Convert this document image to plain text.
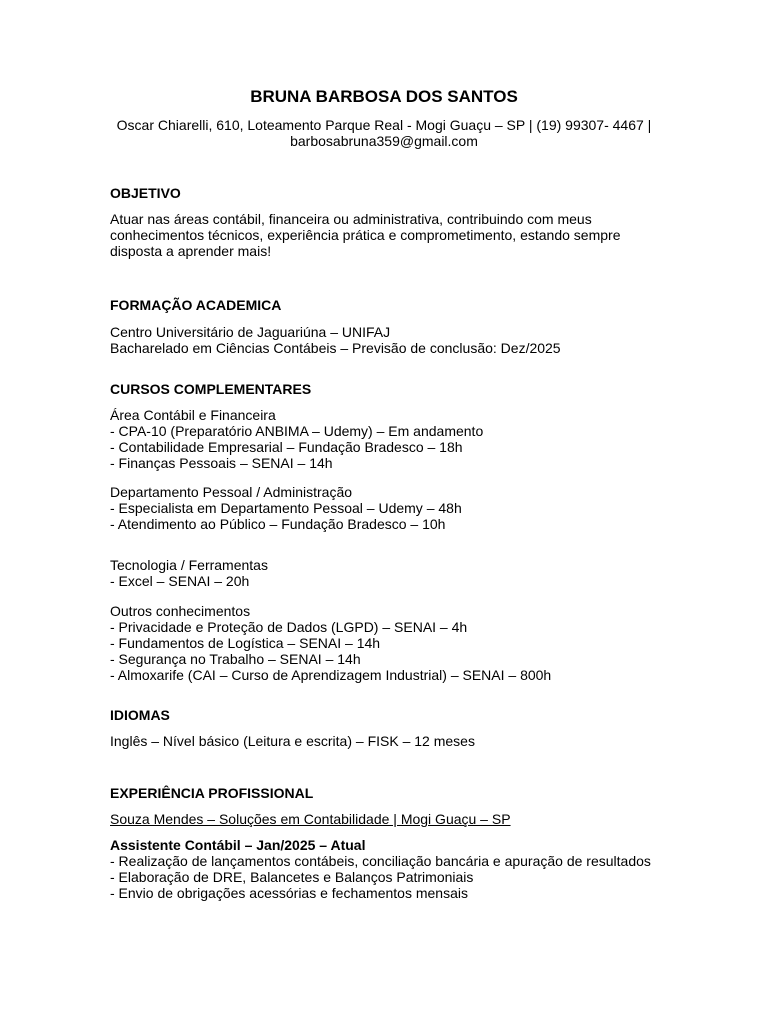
BRUNA BARBOSA DOS SANTOS
Oscar Chiarelli, 610, Loteamento Parque Real - Mogi Guaçu – SP | (19) 99307- 4467 |
barbosabruna359@gmail.com
OBJETIVO
Atuar nas áreas contábil, financeira ou administrativa, contribuindo com meus
conhecimentos técnicos, experiência prática e comprometimento, estando sempre
disposta a aprender mais!
FORMAÇÃO ACADEMICA
Centro Universitário de Jaguariúna – UNIFAJ
Bacharelado em Ciências Contábeis – Previsão de conclusão: Dez/2025
CURSOS COMPLEMENTARES
Área Contábil e Financeira
- CPA-10 (Preparatório ANBIMA – Udemy) – Em andamento
- Contabilidade Empresarial – Fundação Bradesco – 18h
- Finanças Pessoais – SENAI – 14h
Departamento Pessoal / Administração
- Especialista em Departamento Pessoal – Udemy – 48h
- Atendimento ao Público – Fundação Bradesco – 10h
Tecnologia / Ferramentas
- Excel – SENAI – 20h
Outros conhecimentos
- Privacidade e Proteção de Dados (LGPD) – SENAI – 4h
- Fundamentos de Logística – SENAI – 14h
- Segurança no Trabalho – SENAI – 14h
- Almoxarife (CAI – Curso de Aprendizagem Industrial) – SENAI – 800h
IDIOMAS
Inglês – Nível básico (Leitura e escrita) – FISK – 12 meses
EXPERIÊNCIA PROFISSIONAL
Souza Mendes – Soluções em Contabilidade | Mogi Guaçu – SP
Assistente Contábil – Jan/2025 – Atual
- Realização de lançamentos contábeis, conciliação bancária e apuração de resultados
- Elaboração de DRE, Balancetes e Balanços Patrimoniais
- Envio de obrigações acessórias e fechamentos mensais
